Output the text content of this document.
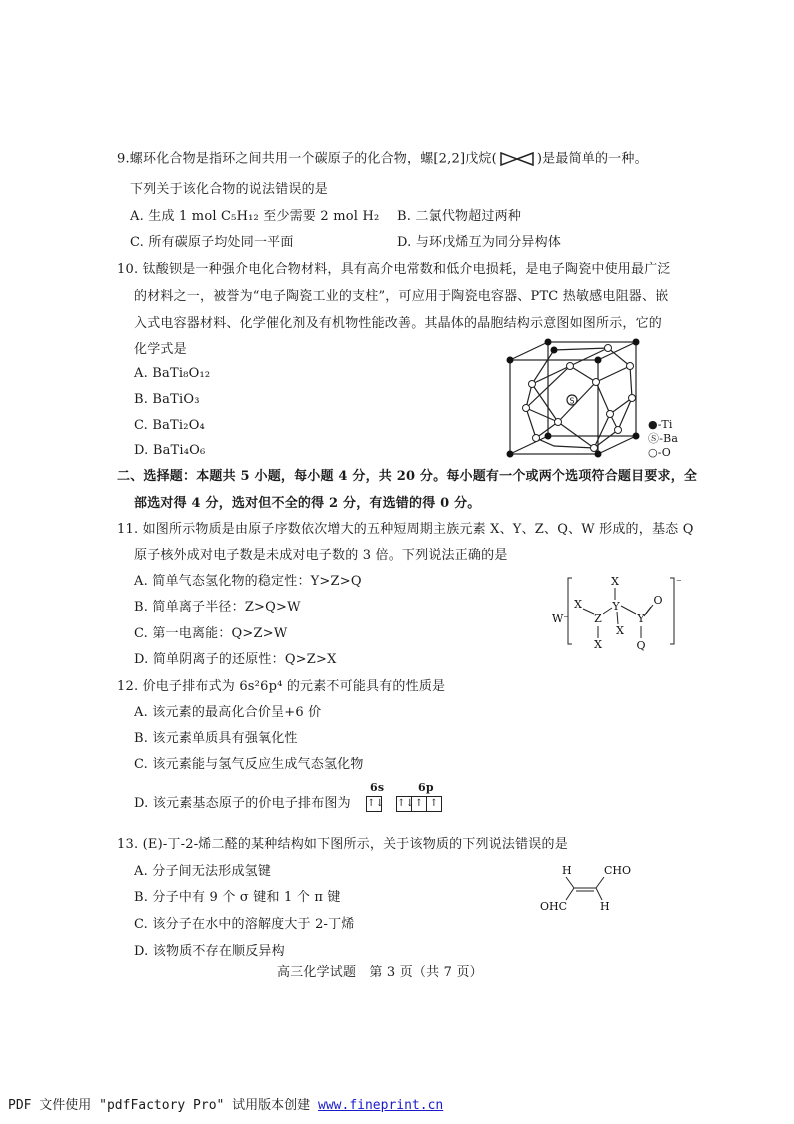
9.螺环化合物是指环之间共用一个碳原子的化合物，螺[2,2]戊烷(	)是最简单的一种。
下列关于该化合物的说法错误的是
A. 生成 1 mol C₅H₁₂ 至少需要 2 mol H₂ B. 二氯代物超过两种
C. 所有碳原子均处同一平面	D. 与环戊烯互为同分异构体
10. 钛酸钡是一种强介电化合物材料，具有高介电常数和低介电损耗，是电子陶瓷中使用最广泛
的材料之一，被誉为“电子陶瓷工业的支柱”，可应用于陶瓷电容器、PTC 热敏感电阻器、嵌
入式电容器材料、化学催化剂及有机物性能改善。其晶体的晶胞结构示意图如图所示，它的
化学式是
A. BaTi₈O₁₂
B. BaTiO₃
C. BaTi₂O₄
D. BaTi₄O₆
S
●-Ti
Ⓢ-Ba
○-O
二、选择题：本题共 5 小题，每小题 4 分，共 20 分。每小题有一个或两个选项符合题目要求，全
部选对得 4 分，选对但不全的得 2 分，有选错的得 0 分。
11. 如图所示物质是由原子序数依次增大的五种短周期主族元素 X、Y、Z、Q、W 形成的，基态 Q
原子核外成对电子数是未成对电子数的 3 倍。下列说法正确的是
A. 简单气态氢化物的稳定性：Y>Z>Q
B. 简单离子半径：Z>Q>W
C. 第一电离能：Q>Z>W
D. 简单阴离子的还原性：Q>Z>X
W⁻
X
Y
X
Z
X
X
Y
O
Q
⁻
12. 价电子排布式为 6s²6p⁴ 的元素不可能具有的性质是
A. 该元素的最高化合价呈+6 价
B. 该元素单质具有强氧化性
C. 该元素能与氢气反应生成气态氢化物
D. 该元素基态原子的价电子排布图为
6s	6p
↑↓ ↑↓↑ ↑
13. (E)-丁-2-烯二醛的某种结构如下图所示，关于该物质的下列说法错误的是
A. 分子间无法形成氢键
B. 分子中有 9 个 σ 键和 1 个 π 键
C. 该分子在水中的溶解度大于 2-丁烯
D. 该物质不存在顺反异构
H	CHO
OHC	H
高三化学试题　第 3 页（共 7 页）
PDF 文件使用 "pdfFactory Pro" 试用版本创建 www.fineprint.cn
